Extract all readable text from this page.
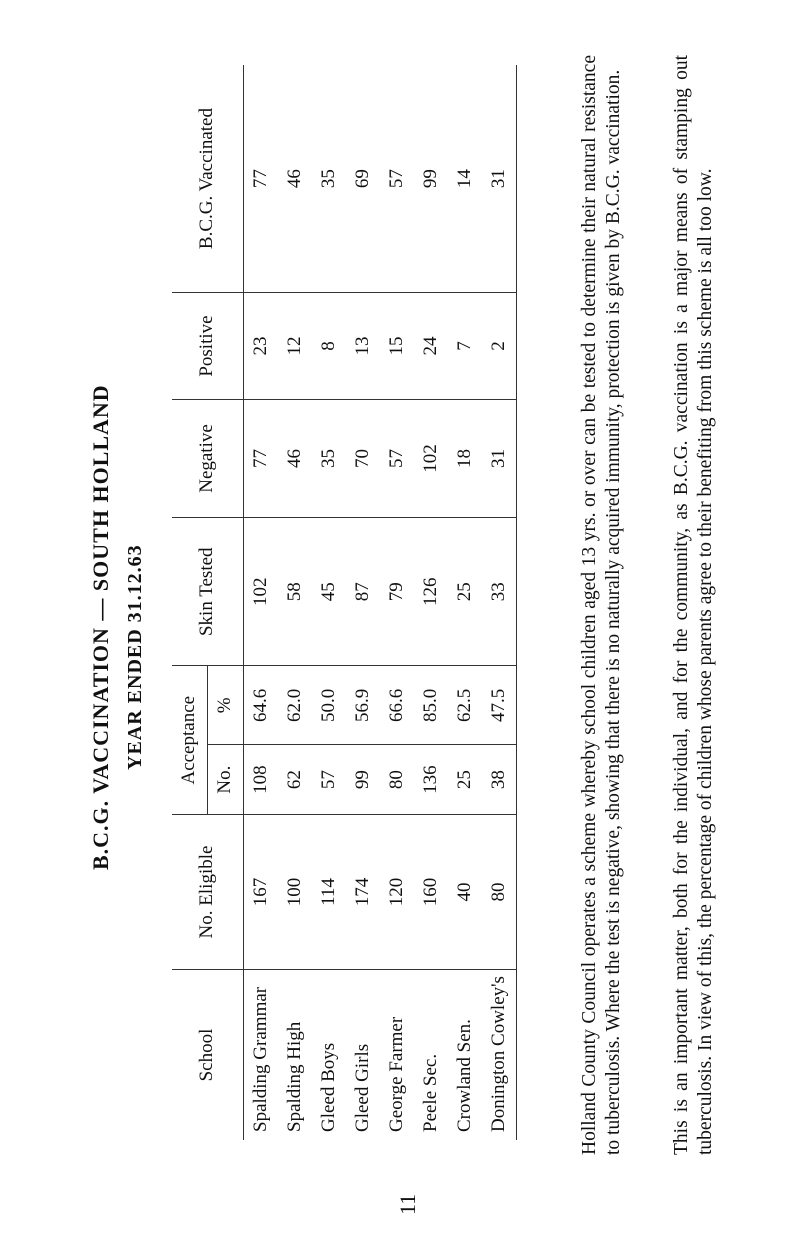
B.C.G. VACCINATION — SOUTH HOLLAND YEAR ENDED 31.12.63
School	No. Eligible	Acceptance		Skin Tested	Negative	Positive	B.C.G. Vaccinated
		No.	%				
Spalding Grammar	167	108	64.6	102	77	23	77
Spalding High	100	62	62.0	58	46	12	46
Gleed Boys	114	57	50.0	45	35	8	35
Gleed Girls	174	99	56.9	87	70	13	69
George Farmer	120	80	66.6	79	57	15	57
Peele Sec.	160	136	85.0	126	102	24	99
Crowland Sen.	40	25	62.5	25	18	7	14
Donington Cowley's	80	38	47.5	33	31	2	31	Holland County Council operates a scheme whereby school children aged 13 yrs. or over can be tested to determine their natural resistance to tuberculosis. Where the test is negative, showing that there is no naturally acquired immunity, protection is given by B.C.G. vaccination. This is an important matter, both for the individual, and for the community, as B.C.G. vaccination is a major means of stamping out tuberculosis. In view of this, the percentage of children whose parents agree to their benefiting from this scheme is all too low.
11
